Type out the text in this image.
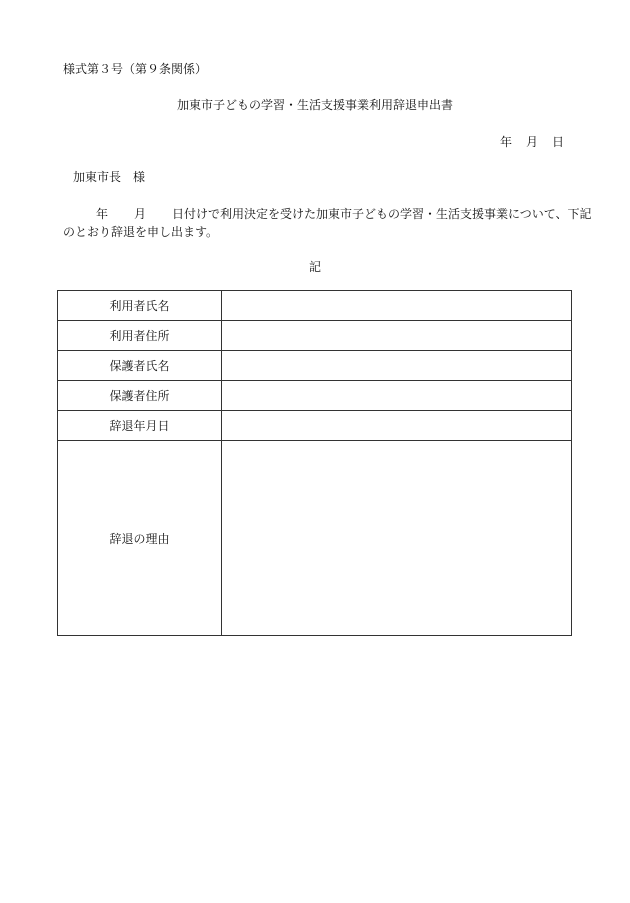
様式第３号（第９条関係）
加東市子どもの学習・生活支援事業利用辞退申出書
年 月 日
加東市長 様
年 月 日付けで利用決定を受けた加東市子どもの学習・生活支援事業について、下記
のとおり辞退を申し出ます。
記
利用者氏名	
利用者住所	
保護者氏名	
保護者住所	
辞退年月日	
辞退の理由	
